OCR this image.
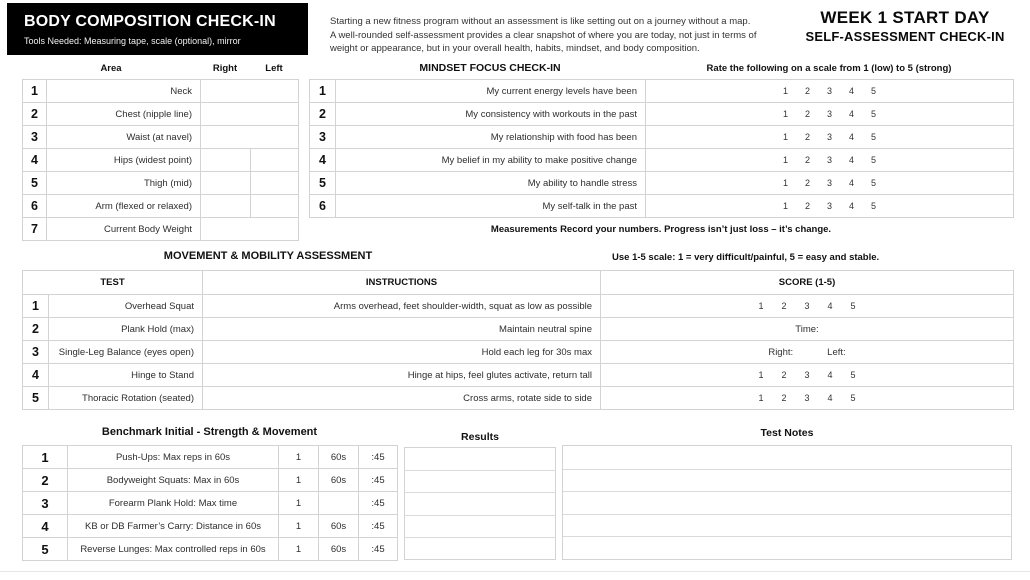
BODY COMPOSITION CHECK-IN
Tools Needed: Measuring tape, scale (optional), mirror
Starting a new fitness program without an assessment is like setting out on a journey without a map.
A well-rounded self-assessment provides a clear snapshot of where you are today, not just in terms of
weight or appearance, but in your overall health, habits, mindset, and body composition.
WEEK 1 START DAY
SELF-ASSESSMENT CHECK-IN
Area	Right	Left
1	Neck		
2	Chest (nipple line)		
3	Waist (at navel)		
4	Hips (widest point)		
5	Thigh (mid)		
6	Arm (flexed or relaxed)		
7	Current Body Weight		
MINDSET FOCUS CHECK-IN	Rate the following on a scale from 1 (low) to 5 (strong)
1	My current energy levels have been	1 2 3 4 5

2	My consistency with workouts in the past	1 2 3 4 5

3	My relationship with food has been	1 2 3 4 5

4	My belief in my ability to make positive change	1 2 3 4 5

5	My ability to handle stress	1 2 3 4 5

6	My self-talk in the past	1 2 3 4 5
Measurements Record your numbers. Progress isn’t just loss – it’s change.
MOVEMENT & MOBILITY ASSESSMENT	Use 1-5 scale: 1 = very difficult/painful, 5 = easy and stable.
TEST		INSTRUCTIONS	SCORE (1-5)
1	Overhead Squat	Arms overhead, feet shoulder-width, squat as low as possible	1 2 3 4 5

2	Plank Hold (max)	Maintain neutral spine	Time:
3	Single-Leg Balance (eyes open)	Hold each leg for 30s max	Right: Left:

4	Hinge to Stand	Hinge at hips, feel glutes activate, return tall	1 2 3 4 5

5	Thoracic Rotation (seated)	Cross arms, rotate side to side	1 2 3 4 5
Benchmark Initial - Strength & Movement	Results	Test Notes
1	Push-Ups: Max reps in 60s	1	60s	:45
2	Bodyweight Squats: Max in 60s	1	60s	:45
3	Forearm Plank Hold: Max time	1		:45
4	KB or DB Farmer’s Carry: Distance in 60s	1	60s	:45
5	Reverse Lunges: Max controlled reps in 60s	1	60s	:45
